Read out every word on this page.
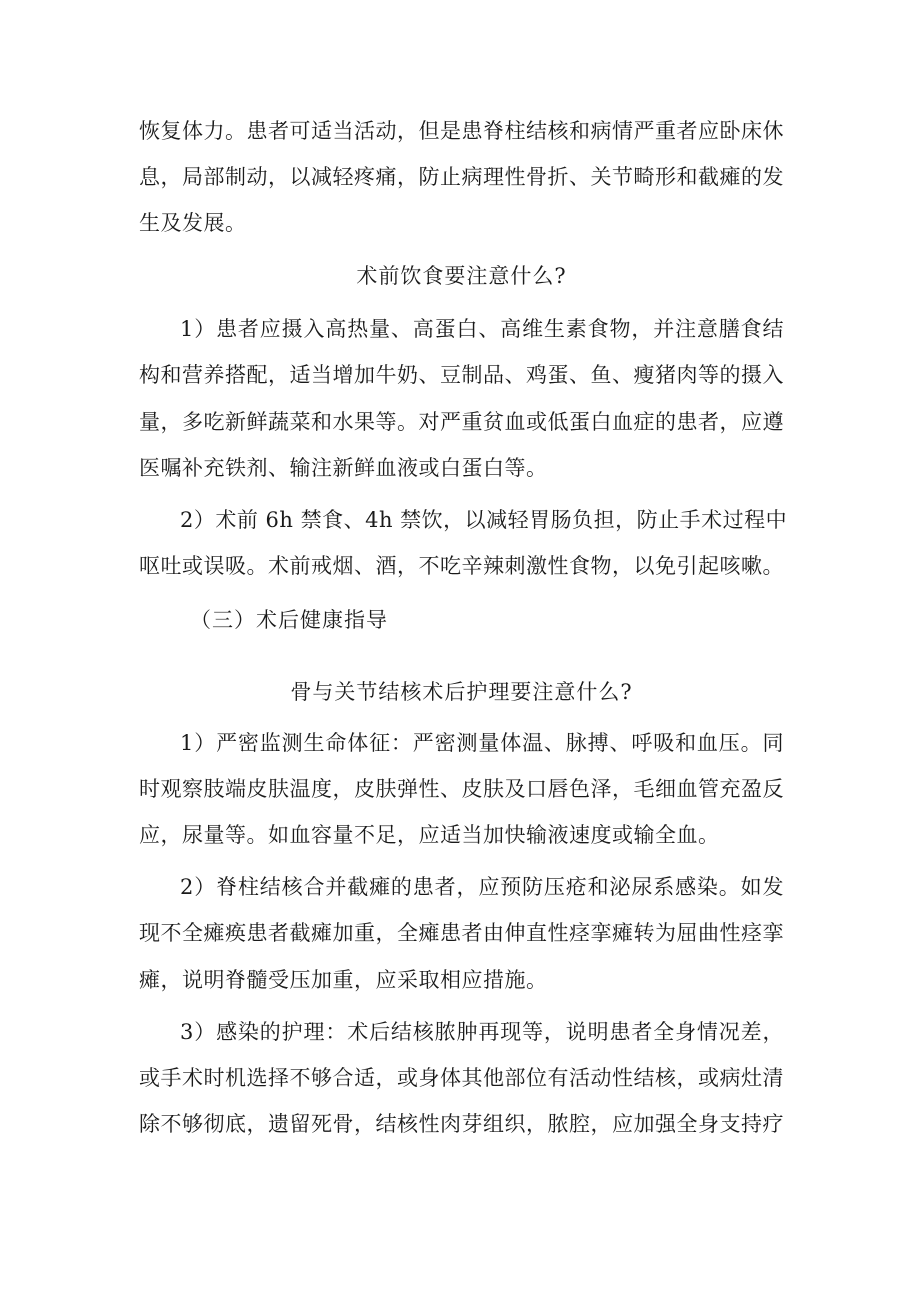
恢复体力。患者可适当活动，但是患脊柱结核和病情严重者应卧床休
息，局部制动，以减轻疼痛，防止病理性骨折、关节畸形和截瘫的发
生及发展。
术前饮食要注意什么?
1）患者应摄入高热量、高蛋白、高维生素食物，并注意膳食结
构和营养搭配，适当增加牛奶、豆制品、鸡蛋、鱼、瘦猪肉等的摄入
量，多吃新鲜蔬菜和水果等。对严重贫血或低蛋白血症的患者，应遵
医嘱补充铁剂、输注新鲜血液或白蛋白等。
2）术前 6h 禁食、4h 禁饮，以减轻胃肠负担，防止手术过程中
呕吐或误吸。术前戒烟、酒，不吃辛辣刺激性食物，以免引起咳嗽。
（三）术后健康指导
骨与关节结核术后护理要注意什么?
1）严密监测生命体征：严密测量体温、脉搏、呼吸和血压。同
时观察肢端皮肤温度，皮肤弹性、皮肤及口唇色泽，毛细血管充盈反
应，尿量等。如血容量不足，应适当加快输液速度或输全血。
2）脊柱结核合并截瘫的患者，应预防压疮和泌尿系感染。如发
现不全瘫痪患者截瘫加重，全瘫患者由伸直性痉挛瘫转为屈曲性痉挛
瘫，说明脊髓受压加重，应采取相应措施。
3）感染的护理：术后结核脓肿再现等，说明患者全身情况差，
或手术时机选择不够合适，或身体其他部位有活动性结核，或病灶清
除不够彻底，遗留死骨，结核性肉芽组织，脓腔，应加强全身支持疗
